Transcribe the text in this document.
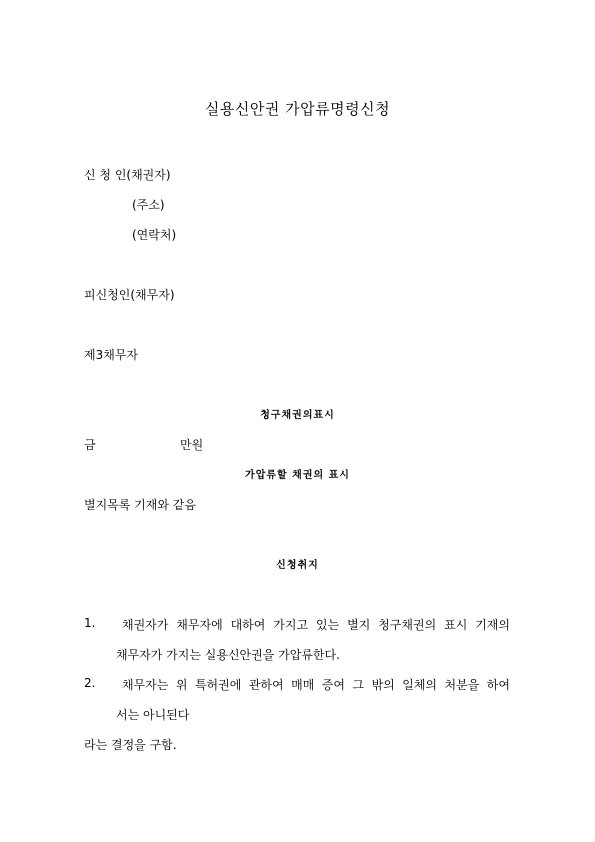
실용신안권 가압류명령신청
신 청 인(채권자)
(주소)
(연락처)
피신청인(채무자)
제3채무자
청구채권의표시
금	만원
가압류할 채권의 표시
별지목록 기재와 같음
신청취지
1. 채권자가 채무자에 대하여 가지고 있는 별지 청구채권의 표시 기재의
채무자가 가지는 실용신안권을 가압류한다.
2. 채무자는 위 특허권에 관하여 매매 증여 그 밖의 일체의 처분을 하여
서는 아니된다
라는 결정을 구함.
